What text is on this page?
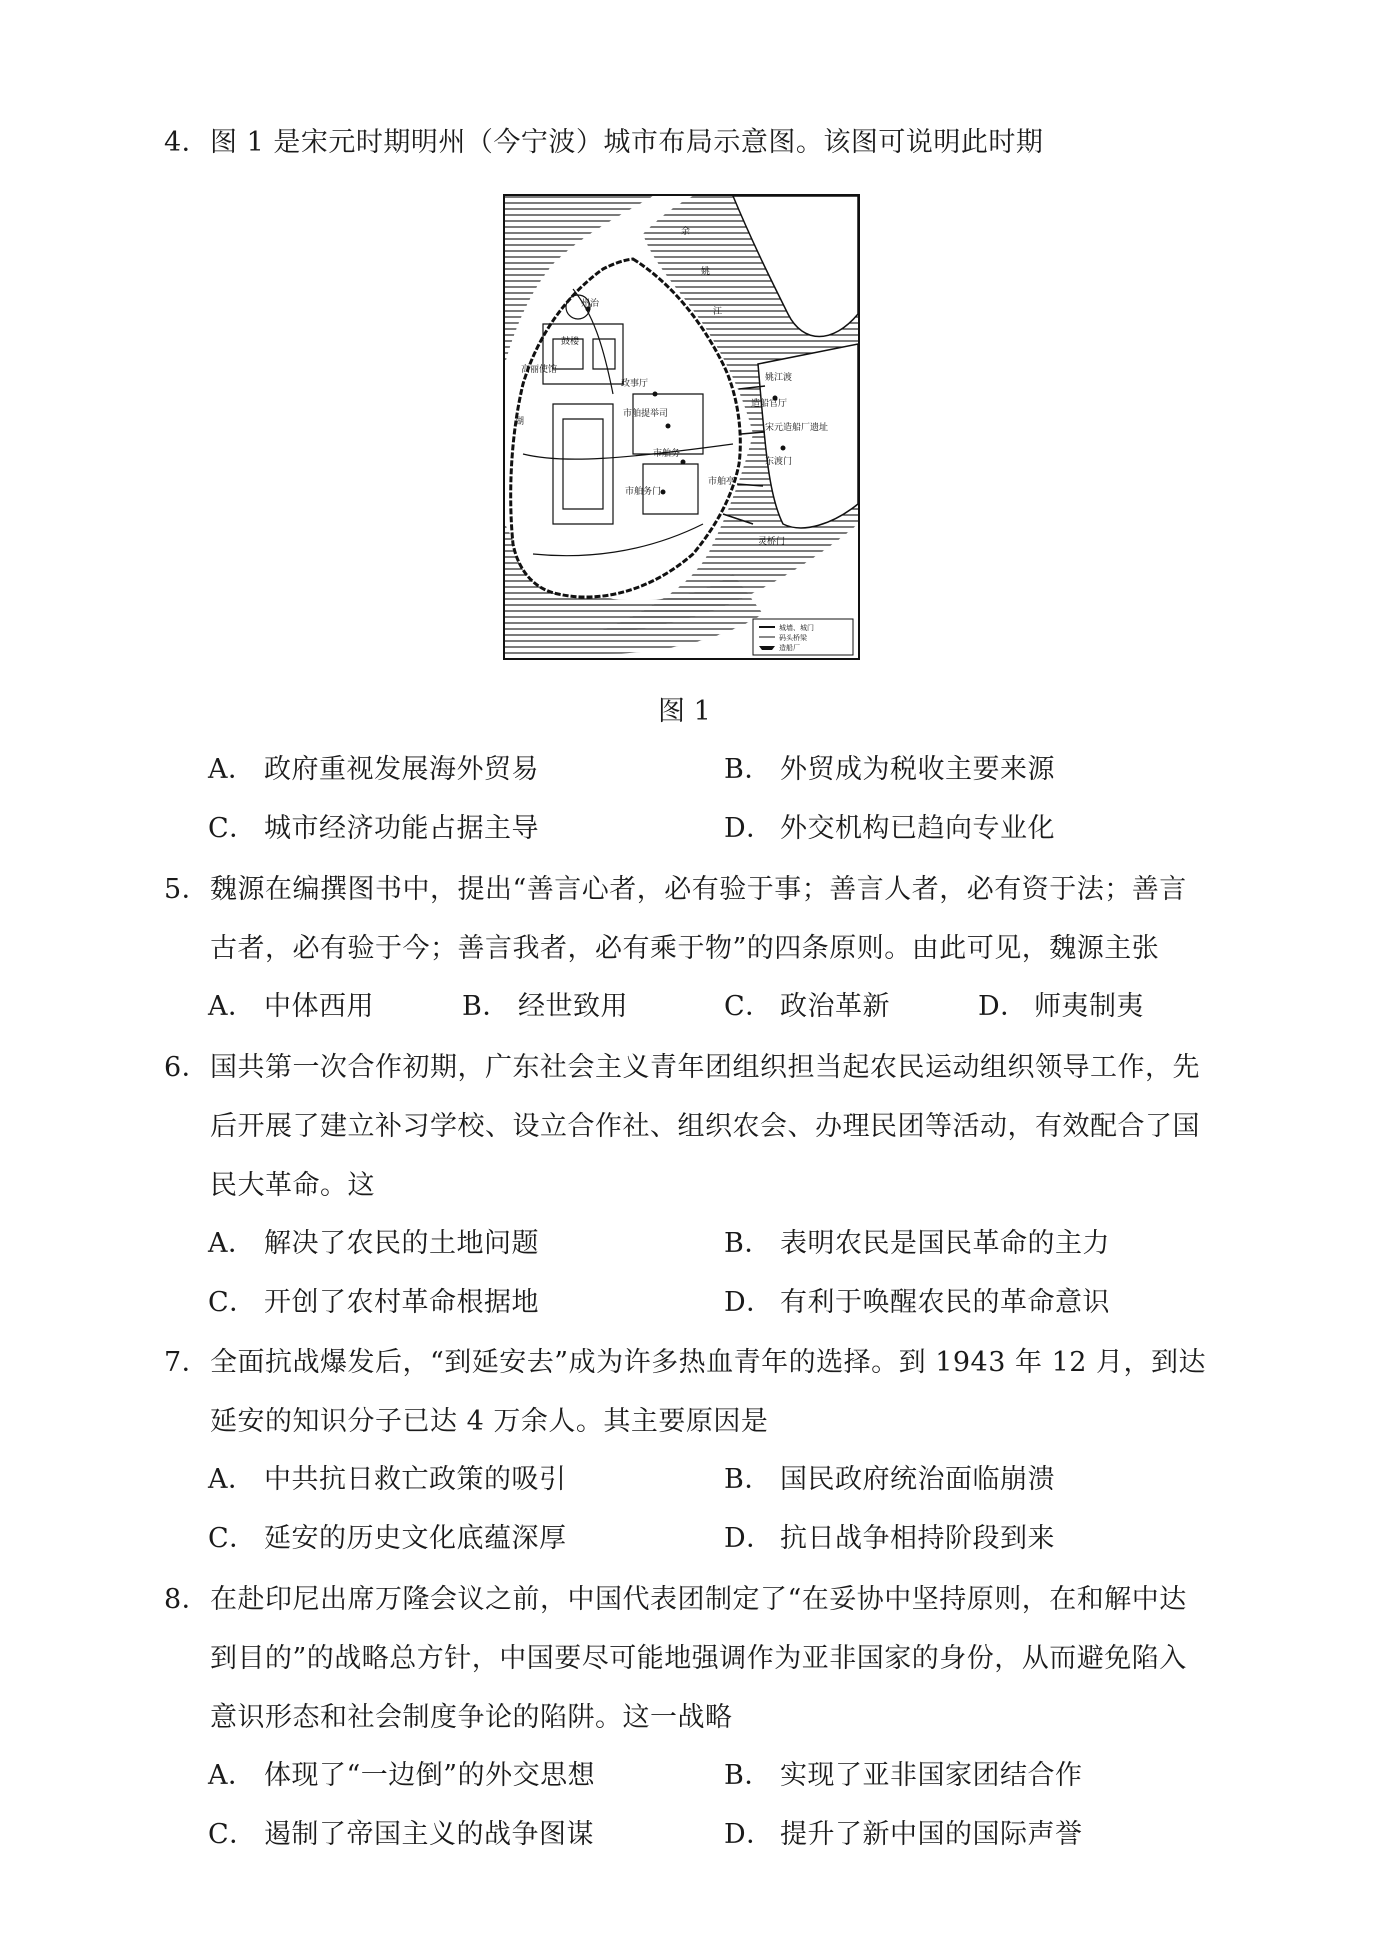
4． 图 1 是宋元时期明州（今宁波）城市布局示意图。该图可说明此时期
州治
鼓楼
高丽使馆
湖
政事厅
市舶提举司
市舶务
市舶务门
市舶亭
余
姚
江
姚江渡
造船官厅
东渡门
灵桥门
宋元造船厂遗址
城墙、城门
码头桥梁
造船厂
图 1
A． 政府重视发展海外贸易	B． 外贸成为税收主要来源
C． 城市经济功能占据主导	D． 外交机构已趋向专业化
5． 魏源在编撰图书中，提出“善言心者，必有验于事；善言人者，必有资于法；善言
古者，必有验于今；善言我者，必有乘于物”的四条原则。由此可见，魏源主张
A． 中体西用	B． 经世致用	C． 政治革新	D． 师夷制夷
6． 国共第一次合作初期，广东社会主义青年团组织担当起农民运动组织领导工作，先
后开展了建立补习学校、设立合作社、组织农会、办理民团等活动，有效配合了国
民大革命。这
A． 解决了农民的土地问题	B． 表明农民是国民革命的主力
C． 开创了农村革命根据地	D． 有利于唤醒农民的革命意识
7． 全面抗战爆发后，“到延安去”成为许多热血青年的选择。到 1943 年 12 月，到达
延安的知识分子已达 4 万余人。其主要原因是
A． 中共抗日救亡政策的吸引	B． 国民政府统治面临崩溃
C． 延安的历史文化底蕴深厚	D． 抗日战争相持阶段到来
8． 在赴印尼出席万隆会议之前，中国代表团制定了“在妥协中坚持原则，在和解中达
到目的”的战略总方针，中国要尽可能地强调作为亚非国家的身份，从而避免陷入
意识形态和社会制度争论的陷阱。这一战略
A． 体现了“一边倒”的外交思想	B． 实现了亚非国家团结合作
C． 遏制了帝国主义的战争图谋	D． 提升了新中国的国际声誉
